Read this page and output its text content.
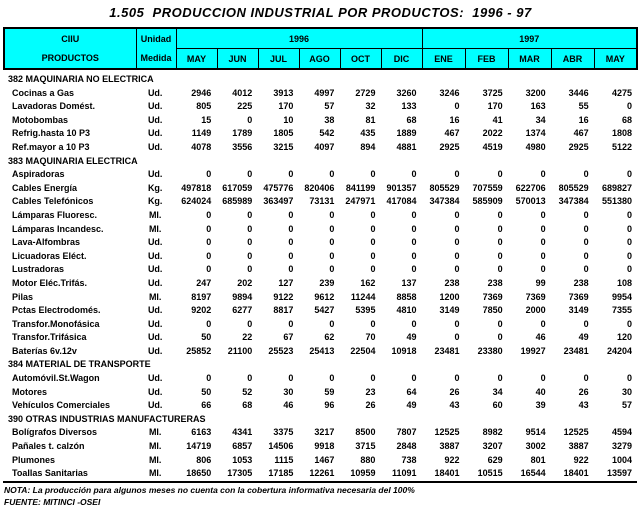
1.505  PRODUCCION INDUSTRIAL POR PRODUCTOS:  1996 - 97
CIIU
PRODUCTOS

Unidad
Medida
	1996	1997
		MAY	JUN	JUL	AGO	OCT	DIC	ENE	FEB	MAR	ABR	MAY
382 MAQUINARIA NO ELECTRICA												
Cocinas a Gas	Ud.	2946	4012	3913	4997	2729	3260	3246	3725	3200	3446	4275
Lavadoras Domést.	Ud.	805	225	170	57	32	133	0	170	163	55	0
Motobombas	Ud.	15	0	10	38	81	68	16	41	34	16	68
Refrig.hasta 10 P3	Ud.	1149	1789	1805	542	435	1889	467	2022	1374	467	1808
Ref.mayor a 10 P3	Ud.	4078	3556	3215	4097	894	4881	2925	4519	4980	2925	5122
383 MAQUINARIA ELECTRICA												
Aspiradoras	Ud.	0	0	0	0	0	0	0	0	0	0	0
Cables Energía	Kg.	497818	617059	475776	820406	841199	901357	805529	707559	622706	805529	689827
Cables Telefónicos	Kg.	624024	685989	363497	73131	247971	417084	347384	585909	570013	347384	551380
Lámparas Fluoresc.	Ml.	0	0	0	0	0	0	0	0	0	0	0
Lámparas Incandesc.	Ml.	0	0	0	0	0	0	0	0	0	0	0
Lava-Alfombras	Ud.	0	0	0	0	0	0	0	0	0	0	0
Licuadoras Eléct.	Ud.	0	0	0	0	0	0	0	0	0	0	0
Lustradoras	Ud.	0	0	0	0	0	0	0	0	0	0	0
Motor Eléc.Trifás.	Ud.	247	202	127	239	162	137	238	238	99	238	108
Pilas	Ml.	8197	9894	9122	9612	11244	8858	1200	7369	7369	7369	9954
Pctas Electrodomés.	Ud.	9202	6277	8817	5427	5395	4810	3149	7850	2000	3149	7355
Transfor.Monofásica	Ud.	0	0	0	0	0	0	0	0	0	0	0
Transfor.Trifásica	Ud.	50	22	67	62	70	49	0	0	46	49	120
Baterías 6v.12v	Ud.	25852	21100	25523	25413	22504	10918	23481	23380	19927	23481	24204
384 MATERIAL DE TRANSPORTE												
Automóvil.St.Wagon	Ud.	0	0	0	0	0	0	0	0	0	0	0
Motores	Ud.	50	52	30	59	23	64	26	34	40	26	30
Vehículos Comerciales	Ud.	66	68	46	96	26	49	43	60	39	43	57
390 OTRAS INDUSTRIAS MANUFACTURERAS												
Bolígrafos Diversos	Ml.	6163	4341	3375	3217	8500	7807	12525	8982	9514	12525	4594
Pañales t. calzón	Ml.	14719	6857	14506	9918	3715	2848	3887	3207	3002	3887	3279
Plumones	Ml.	806	1053	1115	1467	880	738	922	629	801	922	1004
Toallas Sanitarias	Ml.	18650	17305	17185	12261	10959	11091	18401	10515	16544	18401	13597
NOTA: La producción para algunos meses no cuenta con la cobertura informativa necesaria del 100%
FUENTE: MITINCI -OSEI
